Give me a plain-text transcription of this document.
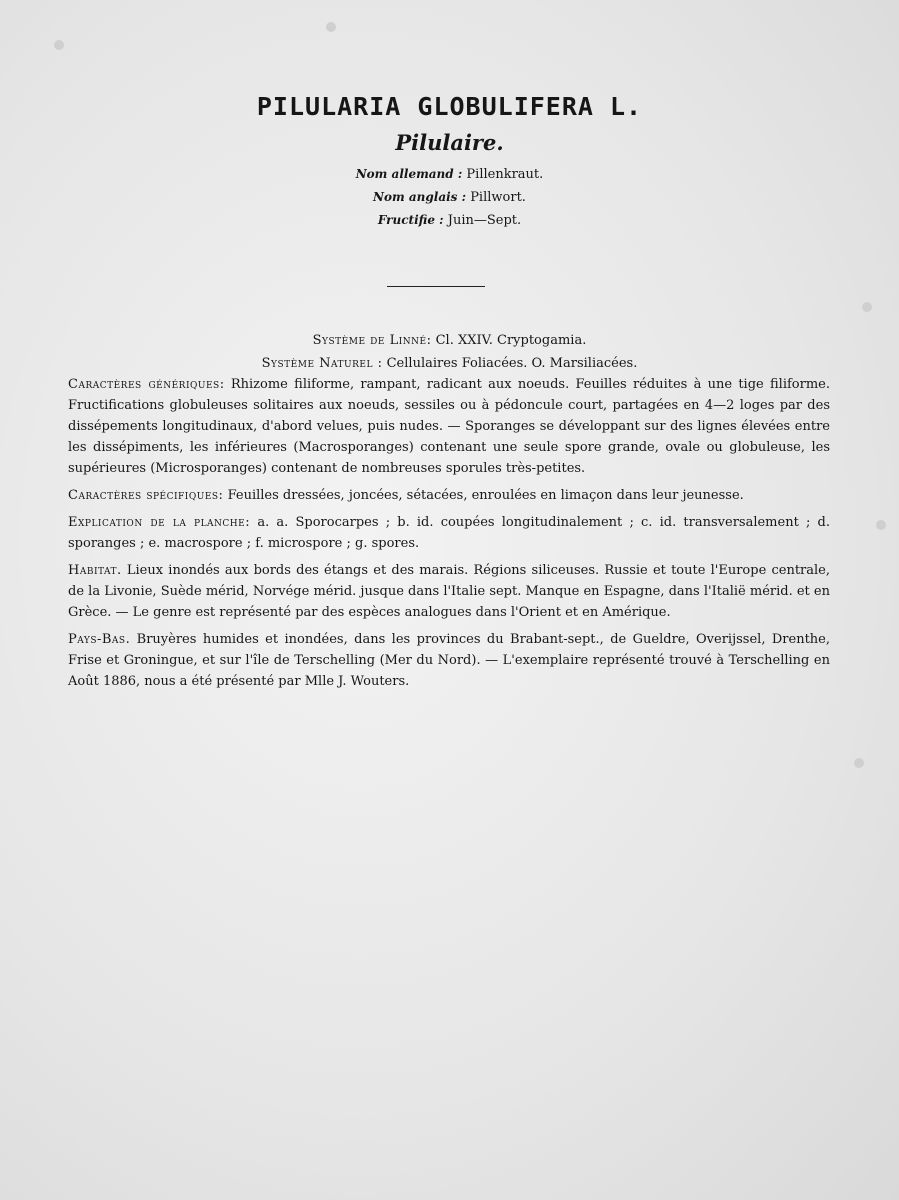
PILULARIA GLOBULIFERA L.
Pilulaire.
Nom allemand : Pillenkraut.
Nom anglais : Pillwort.
Fructifie : Juin—Sept.
Système de Linné: Cl. XXIV. Cryptogamia.
Système Naturel : Cellulaires Foliacées. O. Marsiliacées.

Caractères génériques: Rhizome filiforme, rampant, radicant aux noeuds. Feuilles réduites à une tige filiforme. Fructifications globuleuses solitaires aux noeuds, sessiles ou à pédoncule court, partagées en 4—2 loges par des dissépements longitudinaux, d'abord velues, puis nudes. — Sporanges se développant sur des lignes élevées entre les dissépiments, les inférieures (Macrosporanges) contenant une seule spore grande, ovale ou globuleuse, les supérieures (Microsporanges) contenant de nombreuses sporules très-petites.

Caractères spécifiques: Feuilles dressées, joncées, sétacées, enroulées en limaçon dans leur jeunesse.

Explication de la planche: a. a. Sporocarpes ; b. id. coupées longitudinalement ; c. id. transversalement ; d. sporanges ; e. macrospore ; f. microspore ; g. spores.

Habitat. Lieux inondés aux bords des étangs et des marais. Régions siliceuses. Russie et toute l'Europe centrale, de la Livonie, Suède mérid, Norvége mérid. jusque dans l'Italie sept. Manque en Espagne, dans l'Italië mérid. et en Grèce. — Le genre est représenté par des espèces analogues dans l'Orient et en Amérique.

Pays-Bas. Bruyères humides et inondées, dans les provinces du Brabant-sept., de Gueldre, Overijssel, Drenthe, Frise et Groningue, et sur l'île de Terschelling (Mer du Nord). — L'exemplaire représenté trouvé à Terschelling en Août 1886, nous a été présenté par Mlle J. Wouters.
